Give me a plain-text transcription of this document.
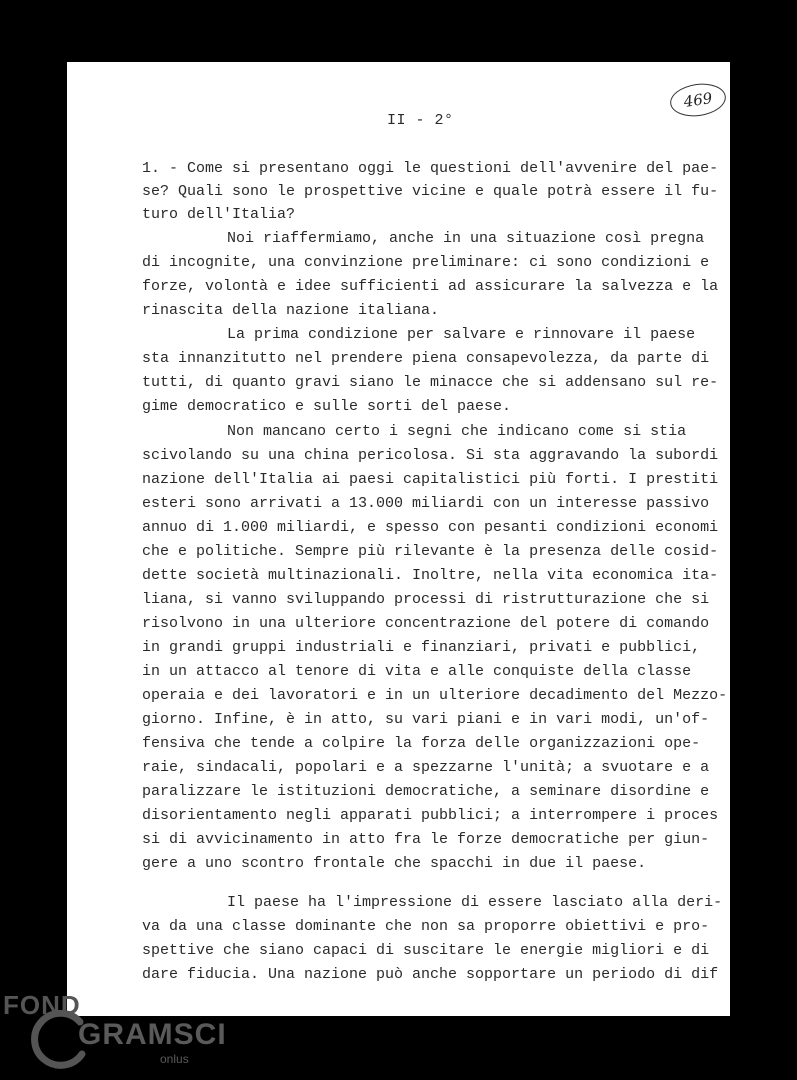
469
II - 2°
1. - Come si presentano oggi le questioni dell'avvenire del pae-
se? Quali sono le prospettive vicine e quale potrà essere il fu-
turo dell'Italia?
Noi riaffermiamo, anche in una situazione così pregna
di incognite, una convinzione preliminare: ci sono condizioni e
forze, volontà e idee sufficienti ad assicurare la salvezza e la
rinascita della nazione italiana.
La prima condizione per salvare e rinnovare il paese
sta innanzitutto nel prendere piena consapevolezza, da parte di
tutti, di quanto gravi siano le minacce che si addensano sul re-
gime democratico e sulle sorti del paese.
Non mancano certo i segni che indicano come si stia
scivolando su una china pericolosa. Si sta aggravando la subordi
nazione dell'Italia ai paesi capitalistici più forti. I prestiti
esteri sono arrivati a 13.000 miliardi con un interesse passivo
annuo di 1.000 miliardi, e spesso con pesanti condizioni economi
che e politiche. Sempre più rilevante è la presenza delle cosid-
dette società multinazionali. Inoltre, nella vita economica ita-
liana, si vanno sviluppando processi di ristrutturazione che si
risolvono in una ulteriore concentrazione del potere di comando
in grandi gruppi industriali e finanziari, privati e pubblici,
in un attacco al tenore di vita e alle conquiste della classe
operaia e dei lavoratori e in un ulteriore decadimento del Mezzo-
giorno. Infine, è in atto, su vari piani e in vari modi, un'of-
fensiva che tende a colpire la forza delle organizzazioni ope-
raie, sindacali, popolari e a spezzarne l'unità; a svuotare e a
paralizzare le istituzioni democratiche, a seminare disordine e
disorientamento negli apparati pubblici; a interrompere i proces
si di avvicinamento in atto fra le forze democratiche per giun-
gere a uno scontro frontale che spacchi in due il paese.
Il paese ha l'impressione di essere lasciato alla deri-
va da una classe dominante che non sa proporre obiettivi e pro-
spettive che siano capaci di suscitare le energie migliori e di
dare fiducia. Una nazione può anche sopportare un periodo di dif
FOND
GRAMSCI
onlus
